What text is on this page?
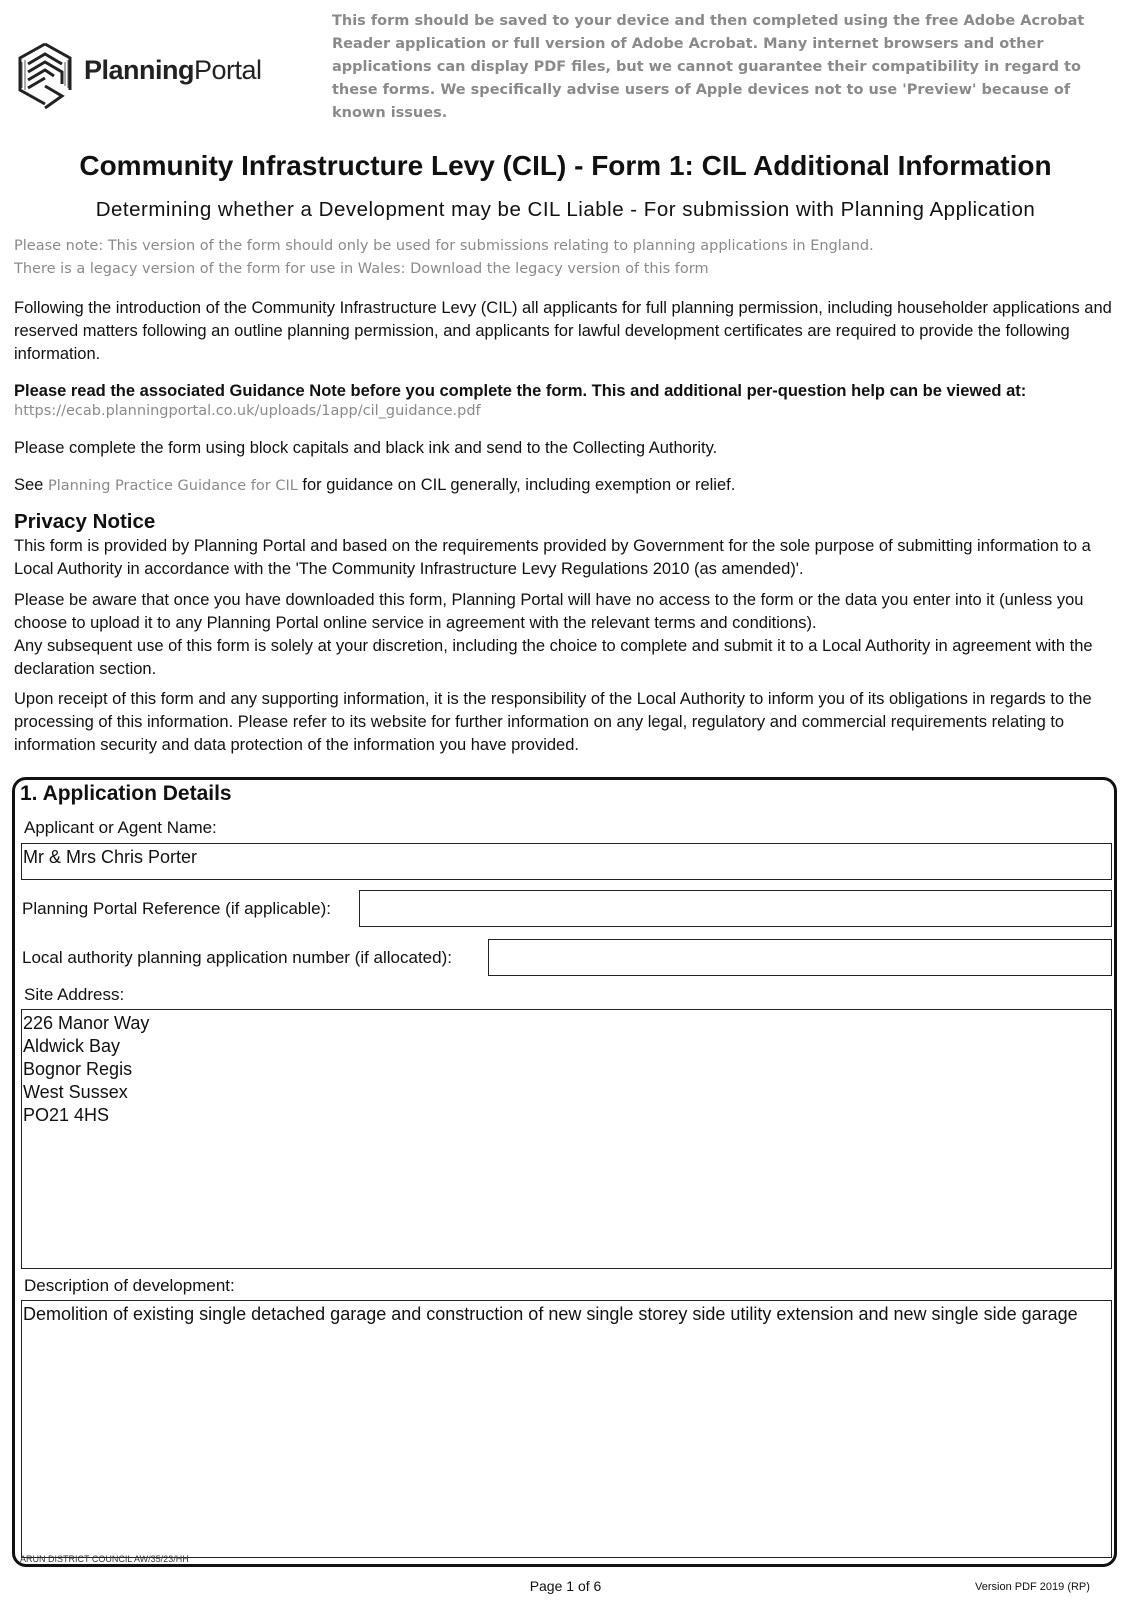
This form should be saved to your device and then completed using the free Adobe Acrobat
Reader application or full version of Adobe Acrobat. Many internet browsers and other
applications can display PDF files, but we cannot guarantee their compatibility in regard to
these forms. We specifically advise users of Apple devices not to use 'Preview' because of
known issues.
PlanningPortal
Community Infrastructure Levy (CIL) - Form 1: CIL Additional Information
Determining whether a Development may be CIL Liable - For submission with Planning Application
Please note: This version of the form should only be used for submissions relating to planning applications in England.
There is a legacy version of the form for use in Wales: Download the legacy version of this form
Following the introduction of the Community Infrastructure Levy (CIL) all applicants for full planning permission, including householder applications and reserved matters following an outline planning permission, and applicants for lawful development certificates are required to provide the following information.
Please read the associated Guidance Note before you complete the form. This and additional per-question help can be viewed at:
https://ecab.planningportal.co.uk/uploads/1app/cil_guidance.pdf
Please complete the form using block capitals and black ink and send to the Collecting Authority.
See Planning Practice Guidance for CIL for guidance on CIL generally, including exemption or relief.
Privacy Notice
This form is provided by Planning Portal and based on the requirements provided by Government for the sole purpose of submitting information to a Local Authority in accordance with the 'The Community Infrastructure Levy Regulations 2010 (as amended)'.
Please be aware that once you have downloaded this form, Planning Portal will have no access to the form or the data you enter into it (unless you choose to upload it to any Planning Portal online service in agreement with the relevant terms and conditions).
Any subsequent use of this form is solely at your discretion, including the choice to complete and submit it to a Local Authority in agreement with the declaration section.
Upon receipt of this form and any supporting information, it is the responsibility of the Local Authority to inform you of its obligations in regards to the processing of this information. Please refer to its website for further information on any legal, regulatory and commercial requirements relating to information security and data protection of the information you have provided.
1. Application Details
Applicant or Agent Name:
Mr & Mrs Chris Porter
Planning Portal Reference (if applicable):
Local authority planning application number (if allocated):
Site Address:
226 Manor Way
Aldwick Bay
Bognor Regis
West Sussex
PO21 4HS
Description of development:
Demolition of existing single detached garage and construction of new single storey side utility extension and new single side garage
ARUN DISTRICT COUNCIL AW/35/23/HH
Page 1 of 6	Version PDF 2019 (RP)
